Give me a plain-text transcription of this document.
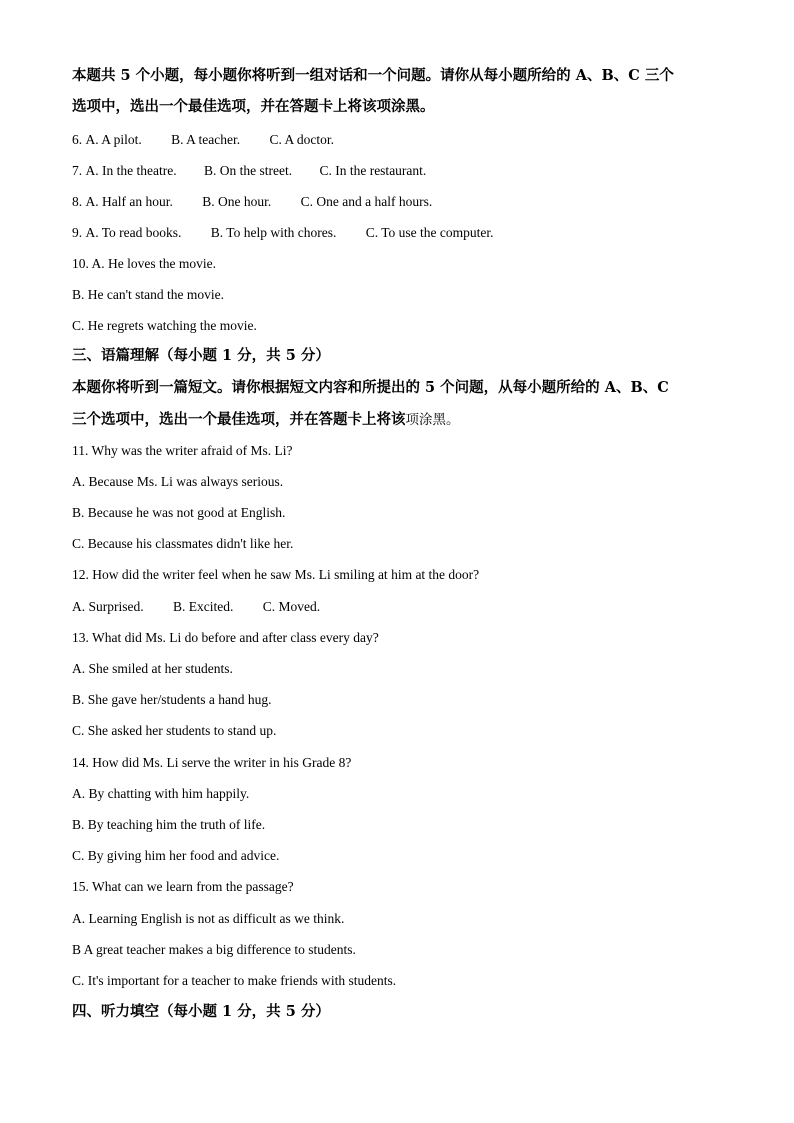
本题共 5 个小题，每小题你将听到一组对话和一个问题。请你从每小题所给的 A、B、C 三个
选项中，选出一个最佳选项，并在答题卡上将该项涂黑。
6. A. A pilot. B. A teacher. C. A doctor.
7. A. In the theatre. B. On the street. C. In the restaurant.
8. A. Half an hour. B. One hour. C. One and a half hours.
9. A. To read books. B. To help with chores. C. To use the computer.
10. A. He loves the movie.
B. He can't stand the movie.
C. He regrets watching the movie.
三、语篇理解（每小题 1 分，共 5 分）
本题你将听到一篇短文。请你根据短文内容和所提出的 5 个问题，从每小题所给的 A、B、C
三个选项中，选出一个最佳选项，并在答题卡上将该项涂黑。
11. Why was the writer afraid of Ms. Li?
A. Because Ms. Li was always serious.
B. Because he was not good at English.
C. Because his classmates didn't like her.
12. How did the writer feel when he saw Ms. Li smiling at him at the door?
A. Surprised. B. Excited. C. Moved.
13. What did Ms. Li do before and after class every day?
A. She smiled at her students.
B. She gave her/students a hand hug.
C. She asked her students to stand up.
14. How did Ms. Li serve the writer in his Grade 8?
A. By chatting with him happily.
B. By teaching him the truth of life.
C. By giving him her food and advice.
15. What can we learn from the passage?
A. Learning English is not as difficult as we think.
B A great teacher makes a big difference to students.
C. It's important for a teacher to make friends with students.
四、听力填空（每小题 1 分，共 5 分）
